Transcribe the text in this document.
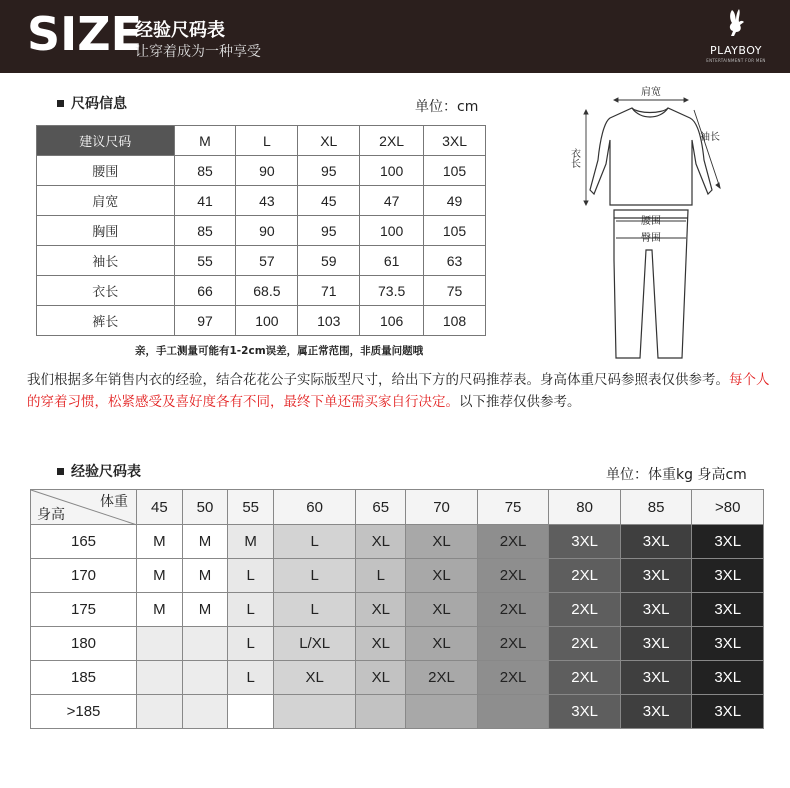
SIZE
经验尺码表
让穿着成为一种享受	PLAYBOY
ENTERTAINMENT FOR MEN
尺码信息	单位：cm
建议尺码	M	L	XL	2XL	3XL
腰围	85	90	95	100	105
肩宽	41	43	45	47	49
胸围	85	90	95	100	105
袖长	55	57	59	61	63
衣长	66	68.5	71	73.5	75
裤长	97	100	103	106	108
亲，手工测量可能有1-2cm误差，属正常范围，非质量问题哦
肩宽
袖长
衣长
腰围
臀围
我们根据多年销售内衣的经验，结合花花公子实际版型尺寸，给出下方的尺码推荐表。身高体重尺码参照表仅供参考。每个人的穿着习惯，松紧感受及喜好度各有不同，最终下单还需买家自行决定。以下推荐仅供参考。
经验尺码表	单位：体重kg 身高cm
体重
身高	45	50	55	60	65	70	75	80	85	>80
165	M	M	M	L	XL	XL	2XL	3XL	3XL	3XL
170	M	M	L	L	L	XL	2XL	2XL	3XL	3XL
175	M	M	L	L	XL	XL	2XL	2XL	3XL	3XL
180			L	L/XL	XL	XL	2XL	2XL	3XL	3XL
185			L	XL	XL	2XL	2XL	2XL	3XL	3XL
>185								3XL	3XL	3XL
